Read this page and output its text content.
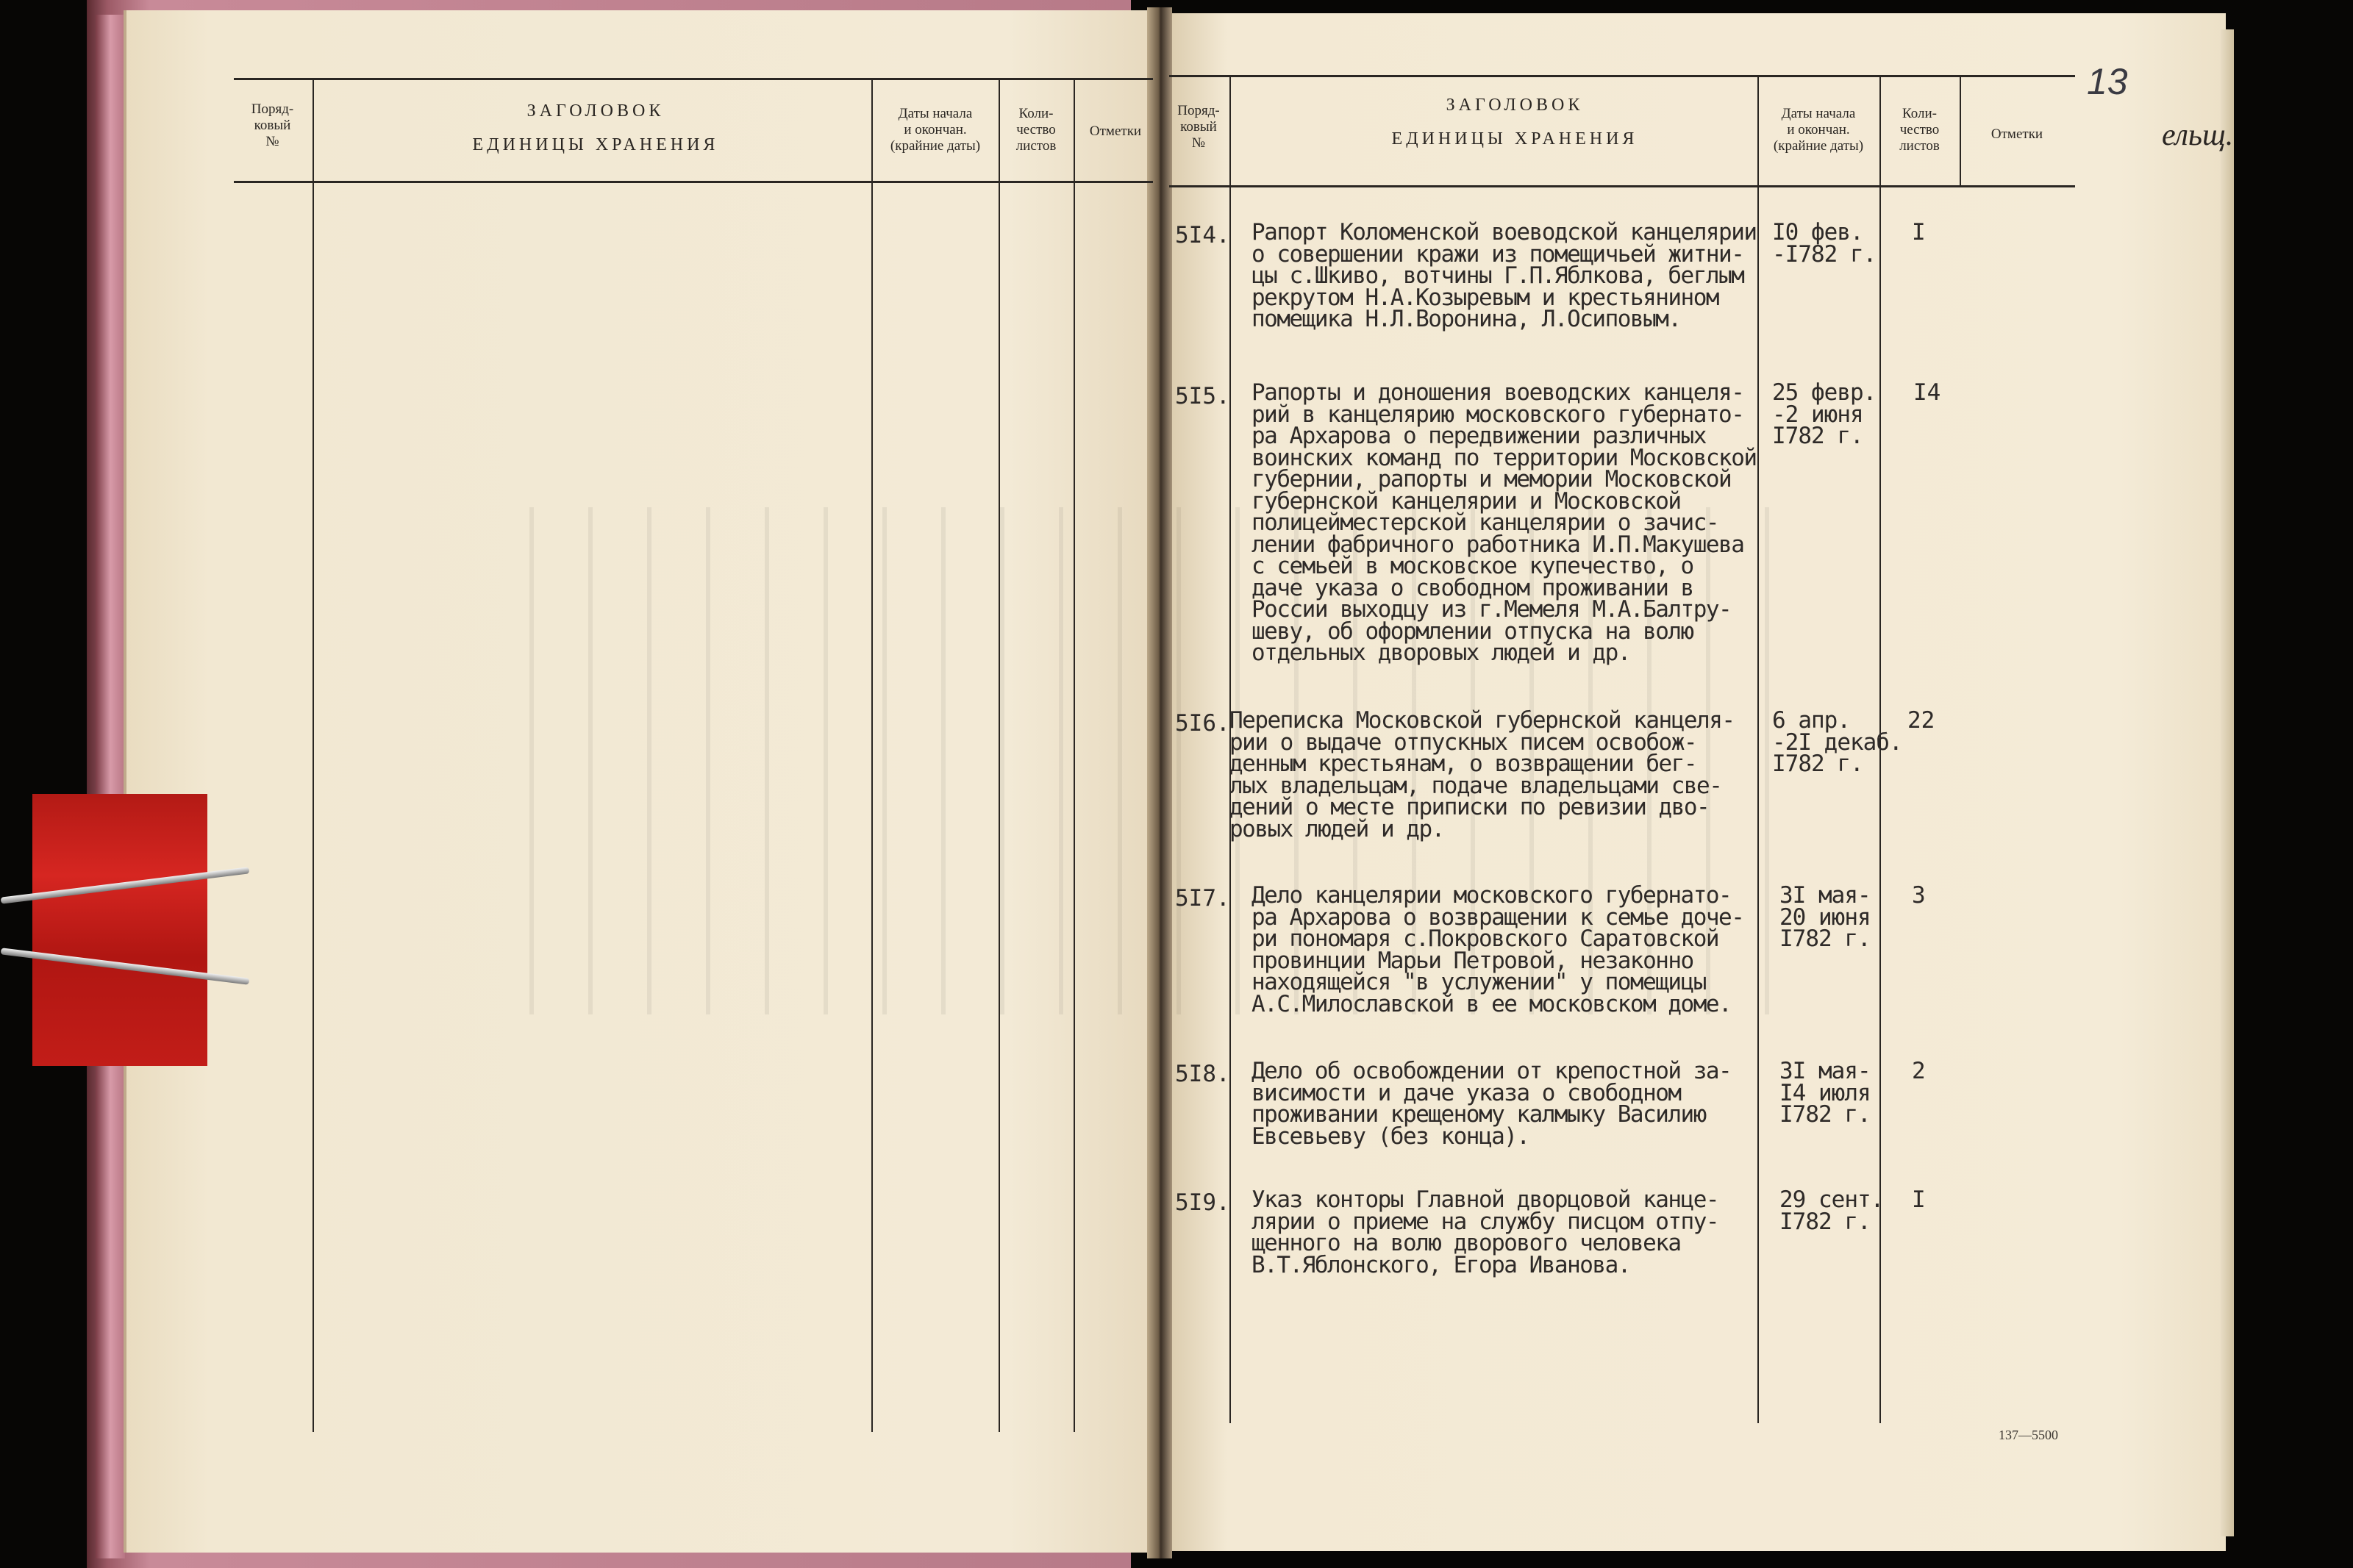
Поряд-
ковый
№
ЗАГОЛОВОК
ЕДИНИЦЫ ХРАНЕНИЯ
Даты начала
и окончан.
(крайние даты)
Коли-
чество
листов
Отметки
Поряд-
ковый
№
ЗАГОЛОВОК
ЕДИНИЦЫ ХРАНЕНИЯ
Даты начала
и окончан.
(крайние даты)
Коли-
чество
листов
Отметки
13
ельщ.
5I4. Рапорт Коломенской воеводской канцелярии
о совершении кражи из помещичьей житни-
цы с.Шкиво, вотчины Г.П.Яблкова, беглым
рекрутом Н.А.Козыревым и крестьянином
помещика Н.Л.Воронина, Л.Осиповым.
I0 фев.
-I782 г.
I
5I5. Рапорты и доношения воеводских канцеля-
рий в канцелярию московского губернато-
ра Архарова о передвижении различных
воинских команд по территории Московской
губернии, рапорты и мемории Московской
губернской канцелярии и Московской
полицейместерской канцелярии о зачис-
лении фабричного работника И.П.Макушева
с семьей в московское купечество, о
даче указа о свободном проживании в
России выходцу из г.Мемеля М.А.Балтру-
шеву, об оформлении отпуска на волю
отдельных дворовых людей и др.
25 февр.
-2 июня
I782 г.
I4
5I6. Переписка Московской губернской канцеля-
рии о выдаче отпускных писем освобож-
денным крестьянам, о возвращении бег-
лых владельцам, подаче владельцами све-
дений о месте приписки по ревизии дво-
ровых людей и др.
6 апр.
-2I декаб.
I782 г.
22
5I7. Дело канцелярии московского губернато-
ра Архарова о возвращении к семье доче-
ри пономаря с.Покровского Саратовской
провинции Марьи Петровой, незаконно
находящейся "в услужении" у помещицы
А.С.Милославской в ее московском доме.
3I мая-
20 июня
I782 г.
3
5I8. Дело об освобождении от крепостной за-
висимости и даче указа о свободном
проживании крещеному калмыку Василию
Евсевьеву (без конца).
3I мая-
I4 июля
I782 г.
2
5I9. Указ конторы Главной дворцовой канце-
лярии о приеме на службу писцом отпу-
щенного на волю дворового человека
В.Т.Яблонского, Егора Иванова.
29 сент.
I782 г.
I
137—5500
